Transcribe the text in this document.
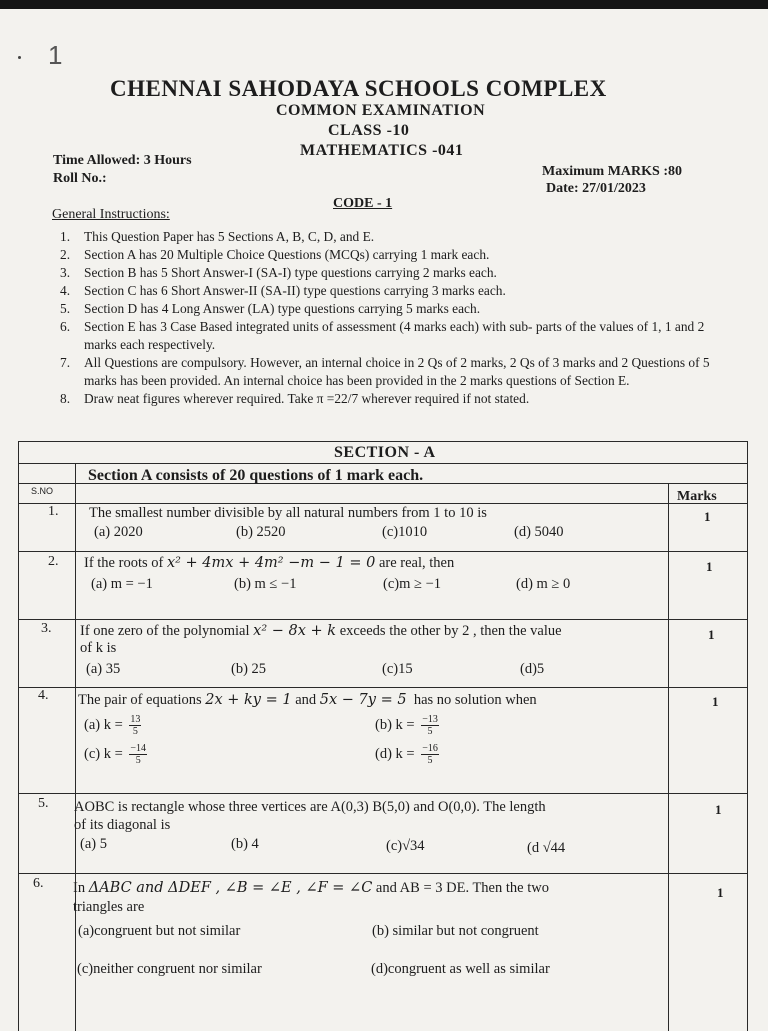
1
CHENNAI SAHODAYA SCHOOLS COMPLEX
COMMON EXAMINATION
CLASS -10
MATHEMATICS -041
Time Allowed: 3 Hours
Roll No.:	Maximum MARKS :80
Date: 27/01/2023
CODE - 1
General Instructions:
1. This Question Paper has 5 Sections A, B, C, D, and E.
2. Section A has 20 Multiple Choice Questions (MCQs) carrying 1 mark each.
3. Section B has 5 Short Answer-I (SA-I) type questions carrying 2 marks each.
4. Section C has 6 Short Answer-II (SA-II) type questions carrying 3 marks each.
5. Section D has 4 Long Answer (LA) type questions carrying 5 marks each.
6. Section E has 3 Case Based integrated units of assessment (4 marks each) with sub- parts of the values of 1, 1 and 2 marks each respectively.
7. All Questions are compulsory. However, an internal choice in 2 Qs of 2 marks, 2 Qs of 3 marks and 2 Questions of 5 marks has been provided. An internal choice has been provided in the 2 marks questions of Section E.
8. Draw neat figures wherever required. Take π =22/7 wherever required if not stated.
SECTION - A
Section A consists of 20 questions of 1 mark each.
S.NO	Marks
1. The smallest number divisible by all natural numbers from 1 to 10 is
(a) 2020	(b) 2520	(c)1010	(d) 5040
1
2. If the roots of x² + 4mx + 4m² −m − 1 = 0 are real, then
(a) m = −1	(b) m ≤ −1	(c)m ≥ −1	(d) m ≥ 0
1
3. If one zero of the polynomial x² − 8x + k exceeds the other by 2 , then the value
of k is
(a) 35	(b) 25	(c)15	(d)5
1
4. The pair of equations 2x + ky = 1 and 5x − 7y = 5 has no solution when
(a) $k = \frac{13}{5}$	(b) $k = \frac{-13}{5}$
(c) $k = \frac{-14}{5}$	(d) $k = \frac{-16}{5}$
1
5. AOBC is rectangle whose three vertices are A(0,3) B(5,0) and O(0,0). The length
of its diagonal is
(a) 5	(b) 4	(c)√34	(d √44
1
6. In ΔABC and ΔDEF , ∠B = ∠E , ∠F = ∠C and AB = 3 DE. Then the two
triangles are
(a)congruent but not similar	(b) similar but not congruent
(c)neither congruent nor similar	(d)congruent as well as similar
1
